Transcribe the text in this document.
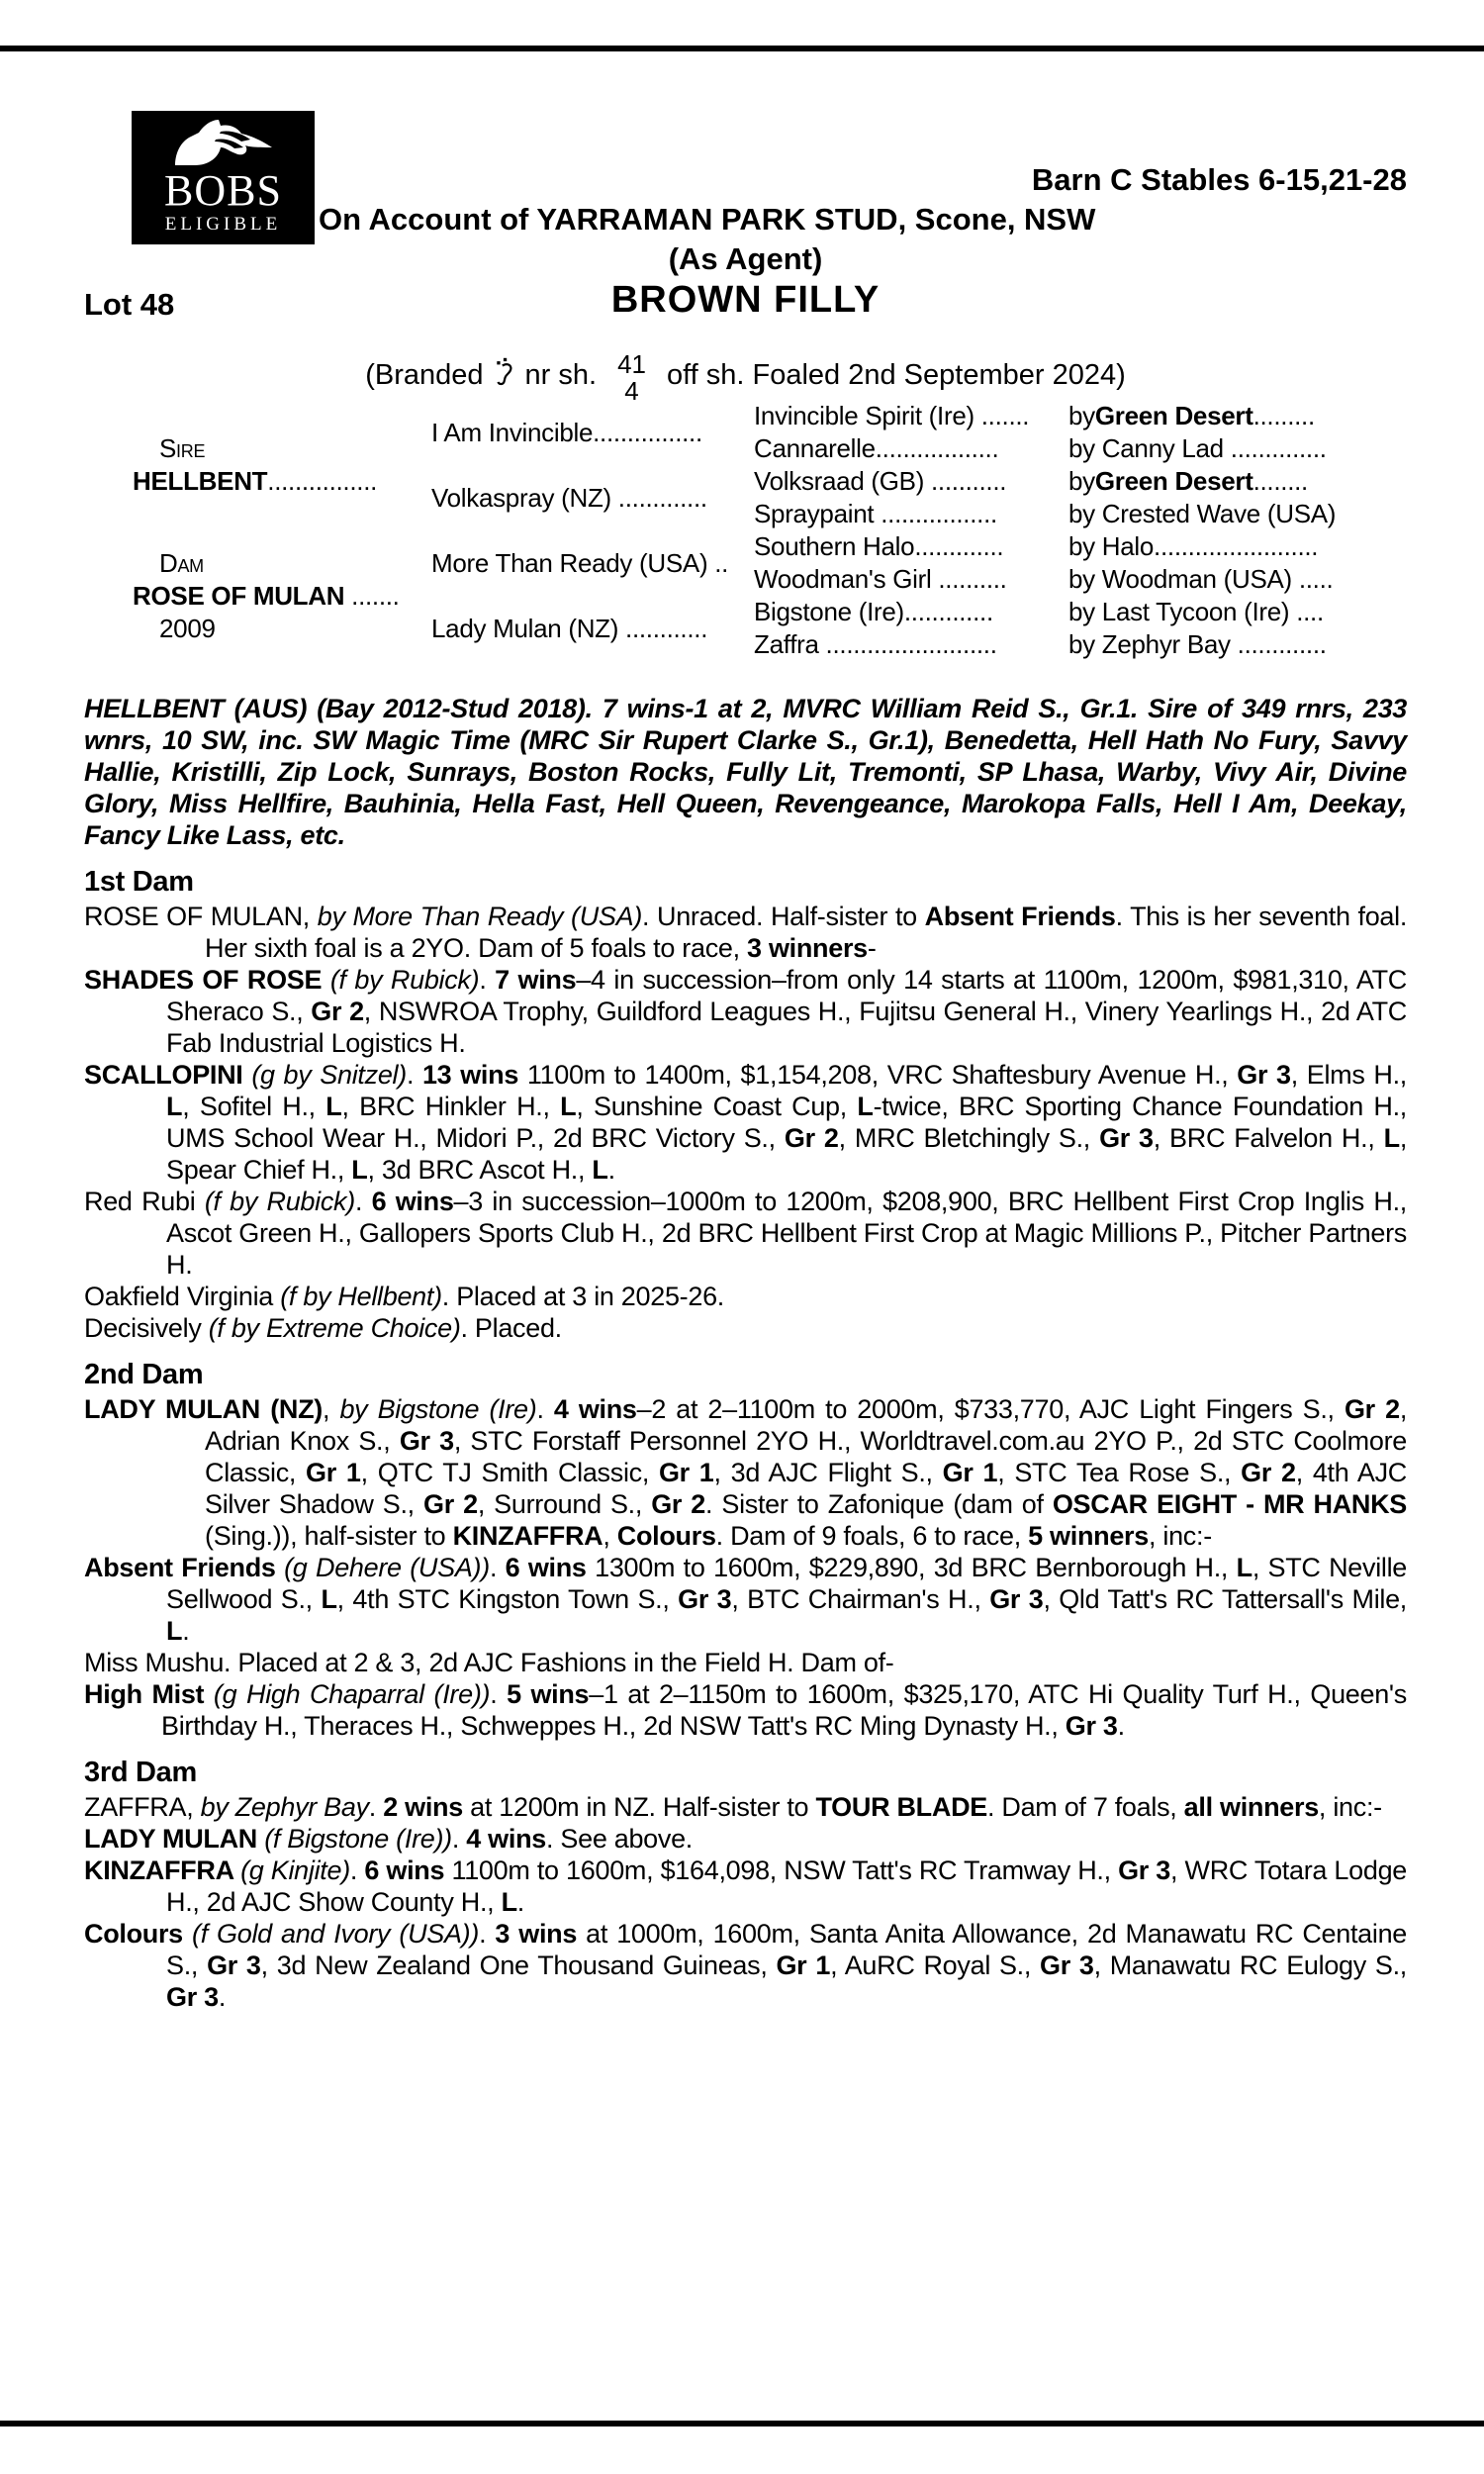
BOBS
ELIGIBLE
Barn C Stables 6-15,21-28
On Account of YARRAMAN PARK STUD, Scone, NSW
(As Agent)
Lot 48	BROWN FILLY
(Branded nr sh. 41
4
off sh. Foaled 2nd September 2024)
Sire
HELLBENT................
Dam
ROSE OF MULAN .......
2009
I Am Invincible................
Volkaspray (NZ) .............
More Than Ready (USA) ..
Lady Mulan (NZ) ............
Invincible Spirit (Ire) .......
Cannarelle..................
Volksraad (GB) ...........
Spraypaint .................
Southern Halo.............
Woodman's Girl ..........
Bigstone (Ire).............
Zaffra .........................
by Green Desert .........
by Canny Lad ..............
by Green Desert ........
by Crested Wave (USA)
by Halo........................
by Woodman (USA) .....
by Last Tycoon (Ire) ....
by Zephyr Bay .............

HELLBENT (AUS) (Bay 2012-Stud 2018). 7 wins-1 at 2, MVRC William Reid S., Gr.1. Sire of 349 rnrs, 233 wnrs, 10 SW, inc. SW Magic Time (MRC Sir Rupert Clarke S., Gr.1), Benedetta, Hell Hath No Fury, Savvy Hallie, Kristilli, Zip Lock, Sunrays, Boston Rocks, Fully Lit, Tremonti, SP Lhasa, Warby, Vivy Air, Divine Glory, Miss Hellfire, Bauhinia, Hella Fast, Hell Queen, Revengeance, Marokopa Falls, Hell I Am, Deekay, Fancy Like Lass, etc.

1st Dam

ROSE OF MULAN, by More Than Ready (USA). Unraced. Half-sister to Absent Friends. This is her seventh foal. Her sixth foal is a 2YO. Dam of 5 foals to race, 3 winners-

SHADES OF ROSE (f by Rubick). 7 wins–4 in succession–from only 14 starts at 1100m, 1200m, $981,310, ATC Sheraco S., Gr 2, NSWROA Trophy, Guildford Leagues H., Fujitsu General H., Vinery Yearlings H., 2d ATC Fab Industrial Logistics H.

SCALLOPINI (g by Snitzel). 13 wins 1100m to 1400m, $1,154,208, VRC Shaftesbury Avenue H., Gr 3, Elms H., L, Sofitel H., L, BRC Hinkler H., L, Sunshine Coast Cup, L-twice, BRC Sporting Chance Foundation H., UMS School Wear H., Midori P., 2d BRC Victory S., Gr 2, MRC Bletchingly S., Gr 3, BRC Falvelon H., L, Spear Chief H., L, 3d BRC Ascot H., L.

Red Rubi (f by Rubick). 6 wins–3 in succession–1000m to 1200m, $208,900, BRC Hellbent First Crop Inglis H., Ascot Green H., Gallopers Sports Club H., 2d BRC Hellbent First Crop at Magic Millions P., Pitcher Partners H.

Oakfield Virginia (f by Hellbent). Placed at 3 in 2025-26.

Decisively (f by Extreme Choice). Placed.

2nd Dam

LADY MULAN (NZ), by Bigstone (Ire). 4 wins–2 at 2–1100m to 2000m, $733,770, AJC Light Fingers S., Gr 2, Adrian Knox S., Gr 3, STC Forstaff Personnel 2YO H., Worldtravel.com.au 2YO P., 2d STC Coolmore Classic, Gr 1, QTC TJ Smith Classic, Gr 1, 3d AJC Flight S., Gr 1, STC Tea Rose S., Gr 2, 4th AJC Silver Shadow S., Gr 2, Surround S., Gr 2. Sister to Zafonique (dam of OSCAR EIGHT - MR HANKS (Sing.)), half-sister to KINZAFFRA, Colours. Dam of 9 foals, 6 to race, 5 winners, inc:-

Absent Friends (g Dehere (USA)). 6 wins 1300m to 1600m, $229,890, 3d BRC Bernborough H., L, STC Neville Sellwood S., L, 4th STC Kingston Town S., Gr 3, BTC Chairman's H., Gr 3, Qld Tatt's RC Tattersall's Mile, L.

Miss Mushu. Placed at 2 & 3, 2d AJC Fashions in the Field H. Dam of-

High Mist (g High Chaparral (Ire)). 5 wins–1 at 2–1150m to 1600m, $325,170, ATC Hi Quality Turf H., Queen's Birthday H., Theraces H., Schweppes H., 2d NSW Tatt's RC Ming Dynasty H., Gr 3.

3rd Dam

ZAFFRA, by Zephyr Bay. 2 wins at 1200m in NZ. Half-sister to TOUR BLADE. Dam of 7 foals, all winners, inc:-

LADY MULAN (f Bigstone (Ire)). 4 wins. See above.

KINZAFFRA (g Kinjite). 6 wins 1100m to 1600m, $164,098, NSW Tatt's RC Tramway H., Gr 3, WRC Totara Lodge H., 2d AJC Show County H., L.

Colours (f Gold and Ivory (USA)). 3 wins at 1000m, 1600m, Santa Anita Allowance, 2d Manawatu RC Centaine S., Gr 3, 3d New Zealand One Thousand Guineas, Gr 1, AuRC Royal S., Gr 3, Manawatu RC Eulogy S., Gr 3.
